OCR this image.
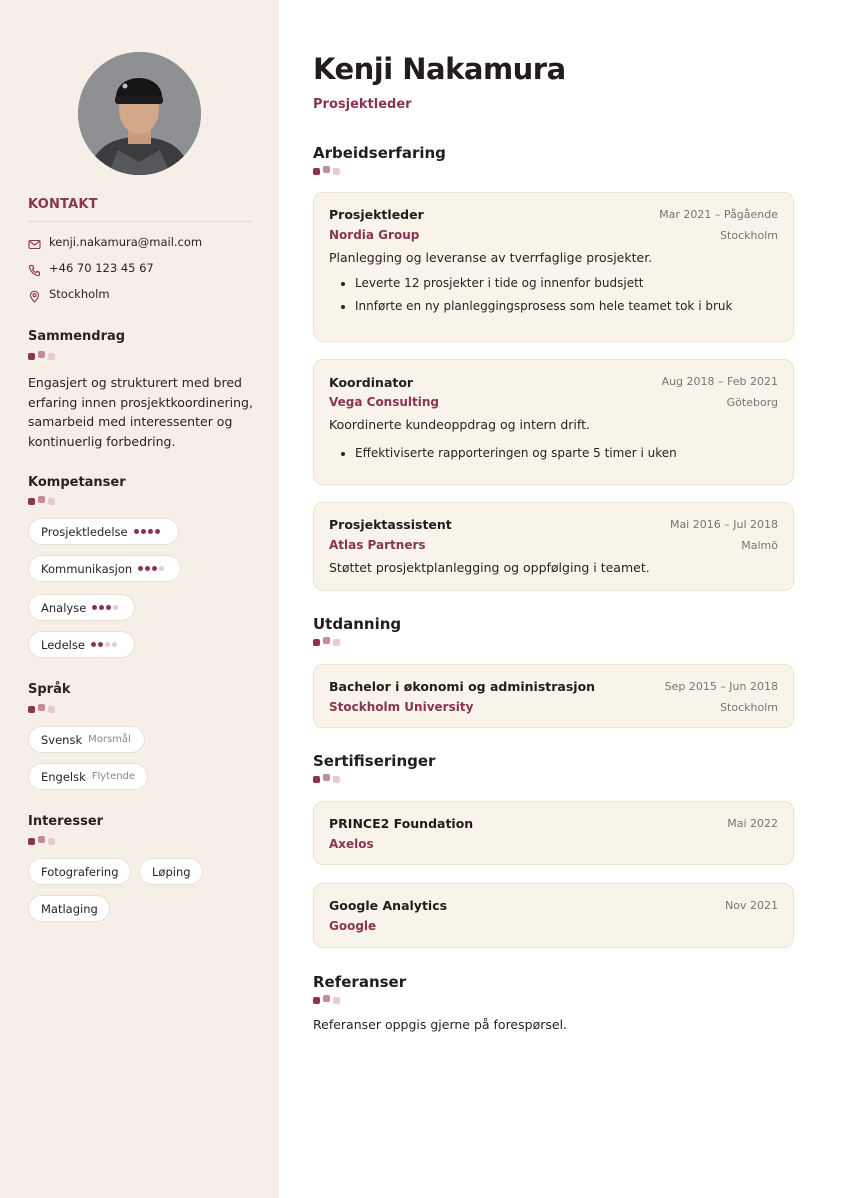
KONTAKT
kenji.nakamura@mail.com
+46 70 123 45 67
Stockholm
Sammendrag
Engasjert og strukturert med bred erfaring innen prosjektkoordinering, samarbeid med interessenter og kontinuerlig forbedring.
Kompetanser
Prosjektledelse
Kommunikasjon
Analyse
Ledelse
Språk
Svensk Morsmål
Engelsk Flytende
Interesser
Fotografering	Løping
Matlaging
Kenji Nakamura
Prosjektleder
Arbeidserfaring
Prosjektleder
Nordia Group
Mar 2021 – Pågående
Stockholm
Planlegging og leveranse av tverrfaglige prosjekter.
• Leverte 12 prosjekter i tide og innenfor budsjett
• Innførte en ny planleggingsprosess som hele teamet tok i bruk
Koordinator
Vega Consulting
Aug 2018 – Feb 2021
Göteborg
Koordinerte kundeoppdrag og intern drift.
• Effektiviserte rapporteringen og sparte 5 timer i uken
Prosjektassistent
Atlas Partners
Mai 2016 – Jul 2018
Malmö
Støttet prosjektplanlegging og oppfølging i teamet.
Utdanning
Bachelor i økonomi og administrasjon
Stockholm University
Sep 2015 – Jun 2018
Stockholm
Sertifiseringer
PRINCE2 Foundation
Axelos
Mai 2022
Google Analytics
Google
Nov 2021
Referanser
Referanser oppgis gjerne på forespørsel.
